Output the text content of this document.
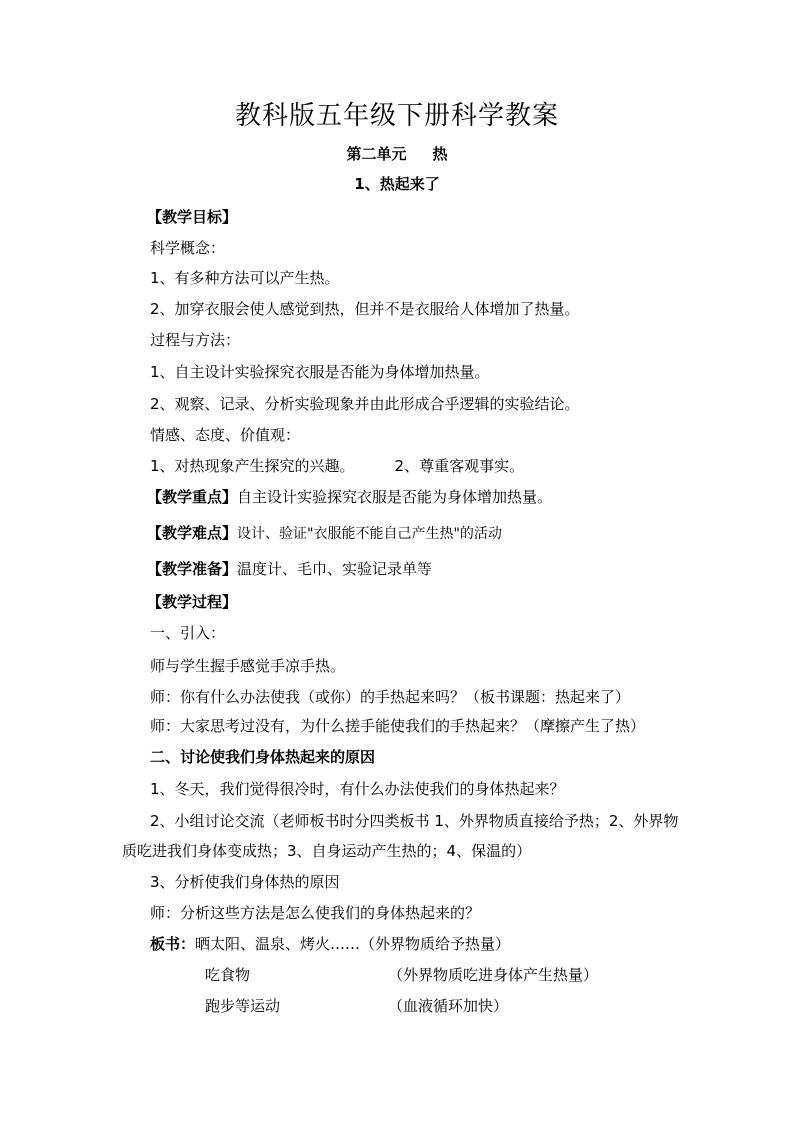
教科版五年级下册科学教案
第二单元 热
1、热起来了
【教学目标】
科学概念：
1、有多种方法可以产生热。
2、加穿衣服会使人感觉到热，但并不是衣服给人体增加了热量。
过程与方法：
1、自主设计实验探究衣服是否能为身体增加热量。
2、观察、记录、分析实验现象并由此形成合乎逻辑的实验结论。
情感、态度、价值观：
1、对热现象产生探究的兴趣。	2、尊重客观事实。
【教学重点】自主设计实验探究衣服是否能为身体增加热量。
【教学难点】设计、验证"衣服能不能自己产生热"的活动
【教学准备】温度计、毛巾、实验记录单等
【教学过程】
一、引入：
师与学生握手感觉手凉手热。
师：你有什么办法使我（或你）的手热起来吗？（板书课题：热起来了）
师：大家思考过没有，为什么搓手能使我们的手热起来？（摩擦产生了热）
二、讨论使我们身体热起来的原因
1、冬天，我们觉得很冷时，有什么办法使我们的身体热起来？
2、小组讨论交流（老师板书时分四类板书 1、外界物质直接给予热；2、外界物质吃进我们身体变成热；3、自身运动产生热的；4、保温的）
3、分析使我们身体热的原因
师：分析这些方法是怎么使我们的身体热起来的？
板书：晒太阳、温泉、烤火……（外界物质给予热量）
吃食物	（外界物质吃进身体产生热量）
跑步等运动	（血液循环加快）
